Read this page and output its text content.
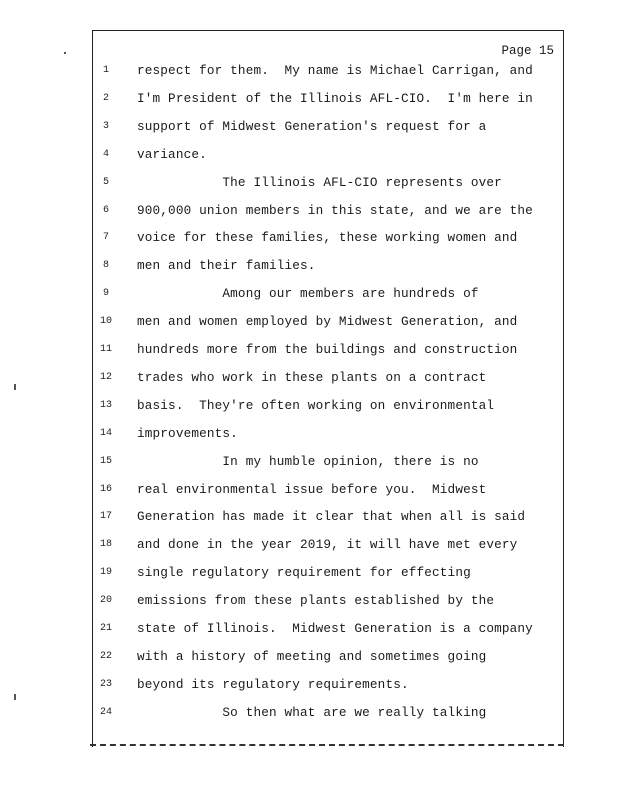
Page 15
1	respect for them.  My name is Michael Carrigan, and
2	I'm President of the Illinois AFL-CIO.  I'm here in
3	support of Midwest Generation's request for a
4	variance.
5	The Illinois AFL-CIO represents over
6	900,000 union members in this state, and we are the
7	voice for these families, these working women and
8	men and their families.
9	Among our members are hundreds of
10	men and women employed by Midwest Generation, and
11	hundreds more from the buildings and construction
12	trades who work in these plants on a contract
13	basis.  They're often working on environmental
14	improvements.
15	In my humble opinion, there is no
16	real environmental issue before you.  Midwest
17	Generation has made it clear that when all is said
18	and done in the year 2019, it will have met every
19	single regulatory requirement for effecting
20	emissions from these plants established by the
21	state of Illinois.  Midwest Generation is a company
22	with a history of meeting and sometimes going
23	beyond its regulatory requirements.
24	So then what are we really talking
